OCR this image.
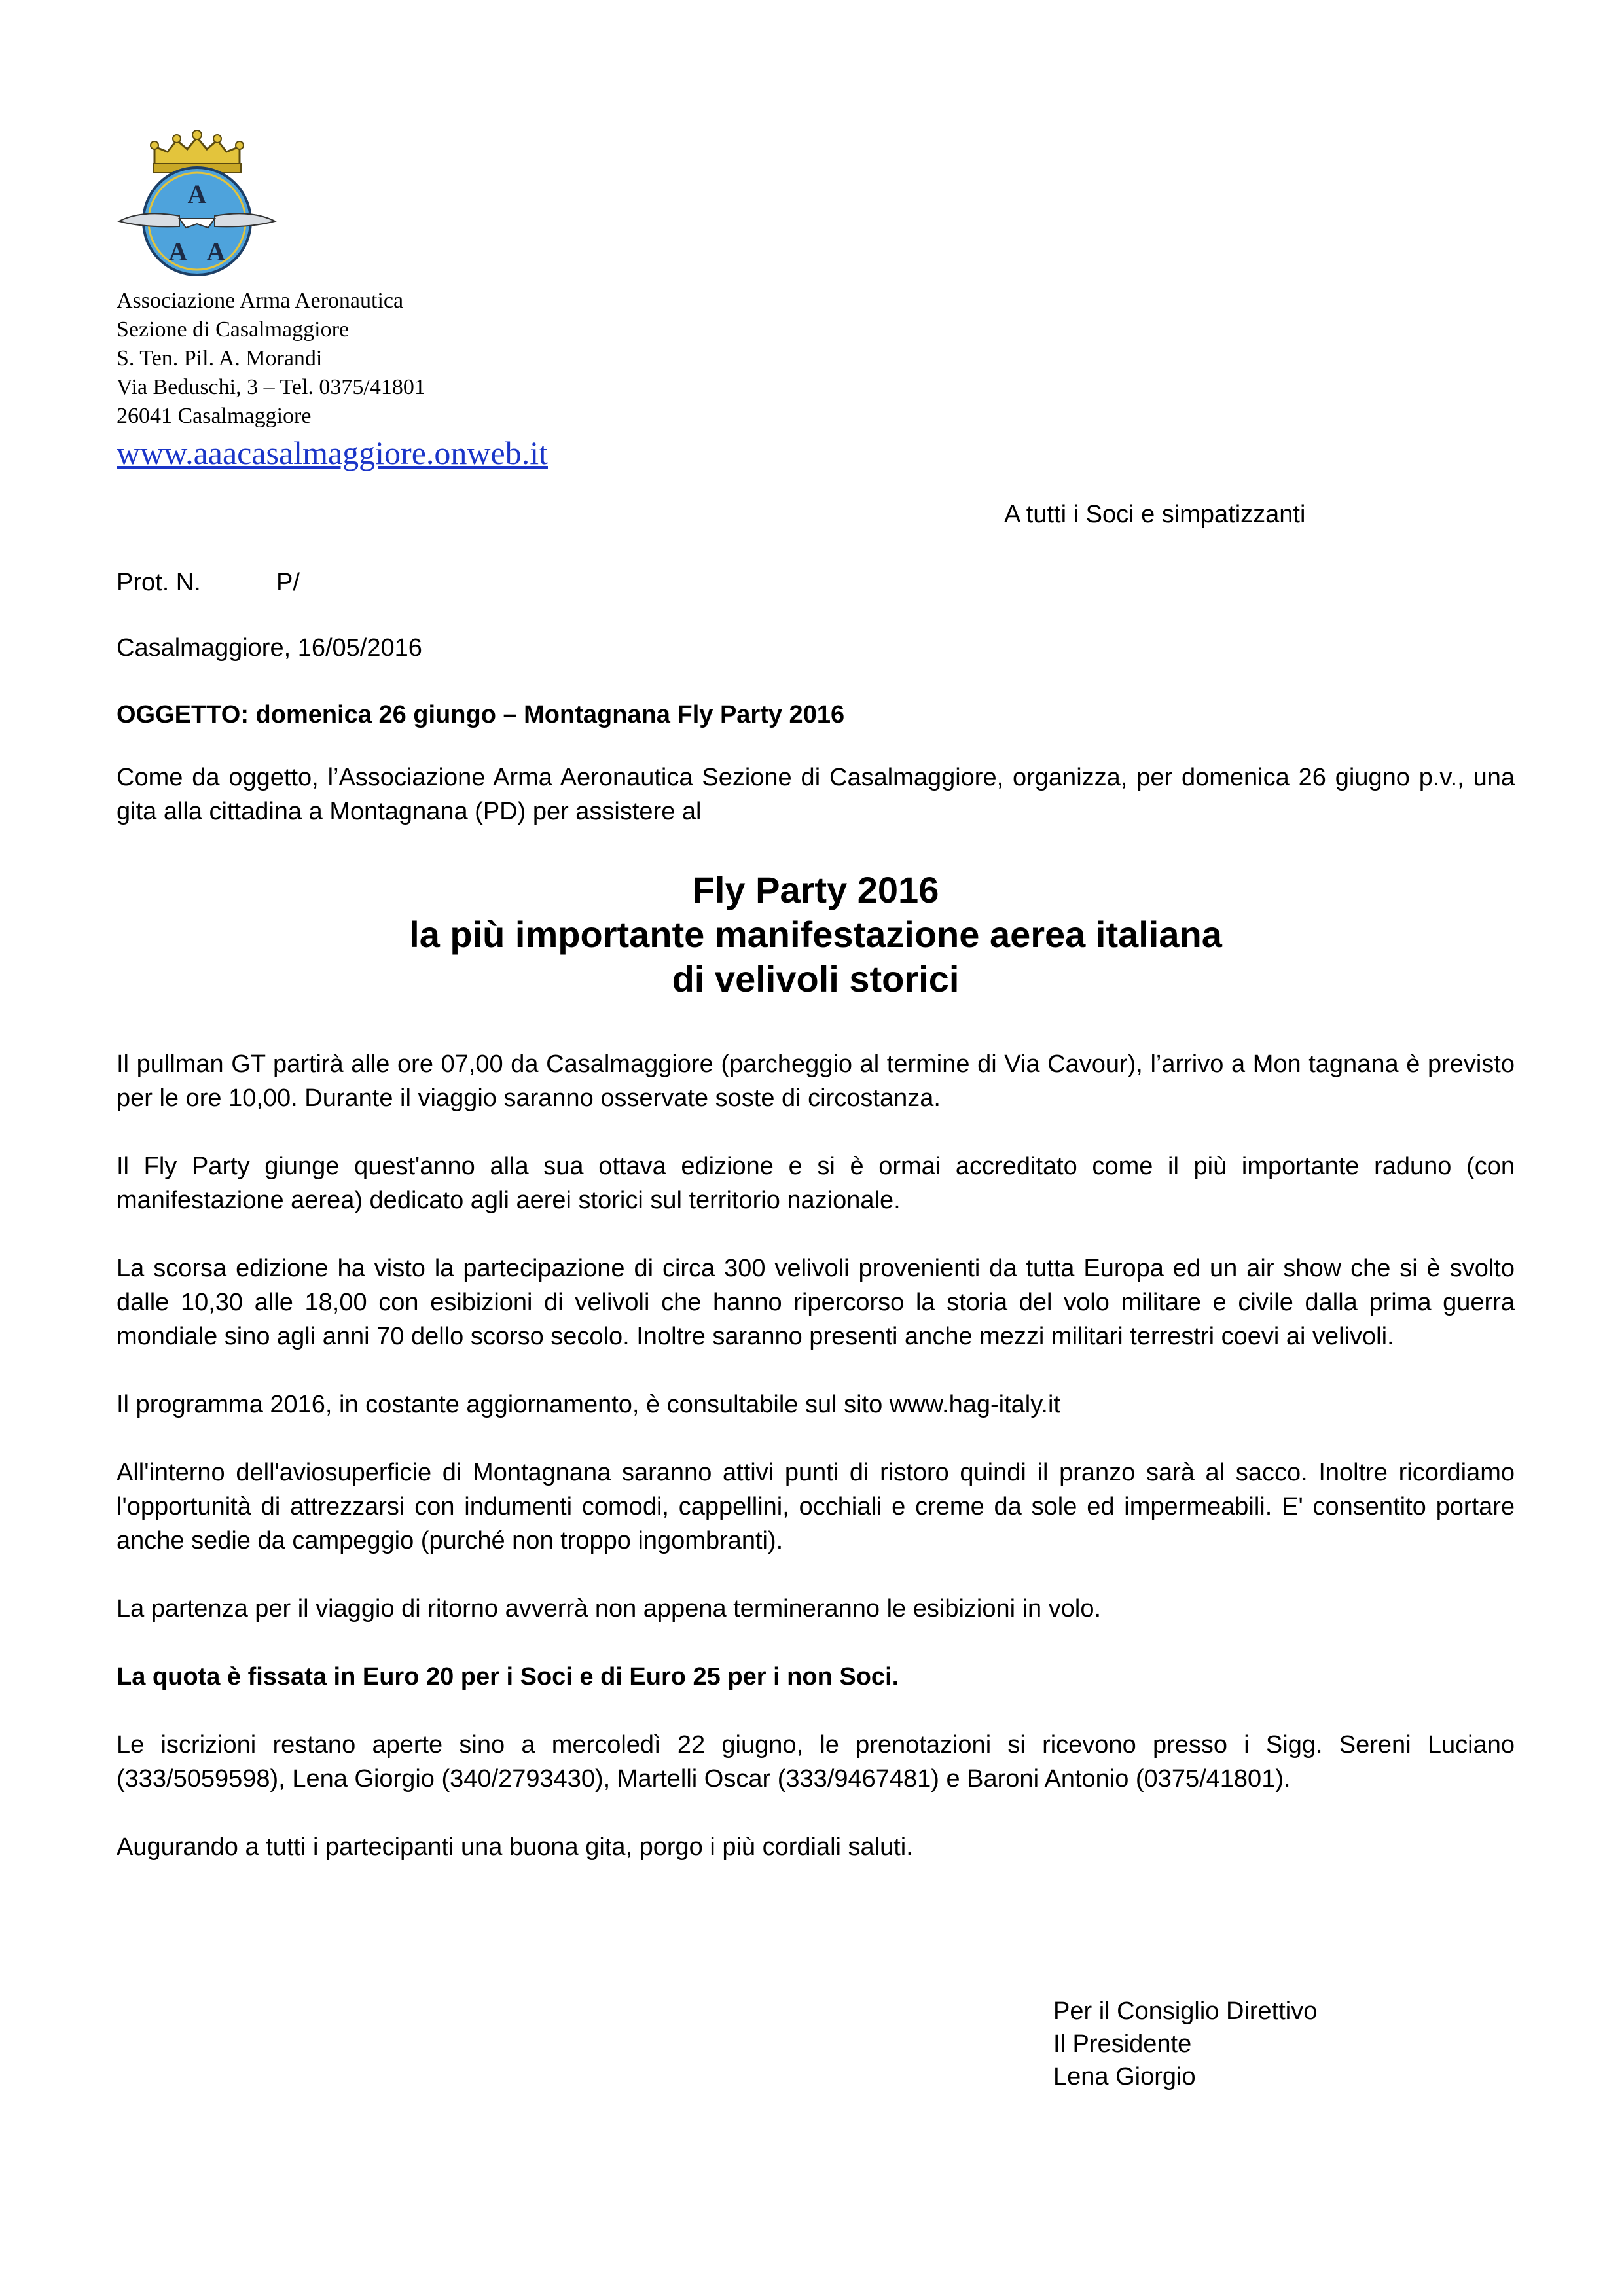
A
A A
Associazione Arma Aeronautica
Sezione di Casalmaggiore
S. Ten. Pil. A. Morandi
Via Beduschi, 3 – Tel. 0375/41801
26041 Casalmaggiore
www.aaacasalmaggiore.onweb.it
A tutti i Soci e simpatizzanti
Prot. N.	P/
Casalmaggiore, 16/05/2016
OGGETTO: domenica 26 giungo – Montagnana Fly Party 2016

Come da oggetto, l’Associazione Arma Aeronautica Sezione di Casalmaggiore, organizza, per domenica 26 giugno p.v., una gita alla cittadina a Montagnana (PD) per assistere al

Fly Party 2016
la più importante manifestazione aerea italiana
di velivoli storici

Il pullman GT partirà alle ore 07,00 da Casalmaggiore (parcheggio al termine di Via Cavour), l’arrivo a Mon tagnana è previsto per le ore 10,00. Durante il viaggio saranno osservate soste di circostanza.

Il Fly Party giunge quest'anno alla sua ottava edizione e si è ormai accreditato come il più importante raduno (con manifestazione aerea) dedicato agli aerei storici sul territorio nazionale.

La scorsa edizione ha visto la partecipazione di circa 300 velivoli provenienti da tutta Europa ed un air show che si è svolto dalle 10,30 alle 18,00 con esibizioni di velivoli che hanno ripercorso la storia del volo militare e civile dalla prima guerra mondiale sino agli anni 70 dello scorso secolo. Inoltre saranno presenti anche mezzi militari terrestri coevi ai velivoli.

Il programma 2016, in costante aggiornamento, è consultabile sul sito www.hag-italy.it

All'interno dell'aviosuperficie di Montagnana saranno attivi punti di ristoro quindi il pranzo sarà al sacco. Inoltre ricordiamo l'opportunità di attrezzarsi con indumenti comodi, cappellini, occhiali e creme da sole ed impermeabili. E' consentito portare anche sedie da campeggio (purché non troppo ingombranti).

La partenza per il viaggio di ritorno avverrà non appena termineranno le esibizioni in volo.

La quota è fissata in Euro 20 per i Soci e di Euro 25 per i non Soci.

Le iscrizioni restano aperte sino a mercoledì 22 giugno, le prenotazioni si ricevono presso i Sigg. Sereni Luciano (333/5059598), Lena Giorgio (340/2793430), Martelli Oscar (333/9467481) e Baroni Antonio (0375/41801).

Augurando a tutti i partecipanti una buona gita, porgo i più cordiali saluti.

Per il Consiglio Direttivo
Il Presidente
Lena Giorgio
